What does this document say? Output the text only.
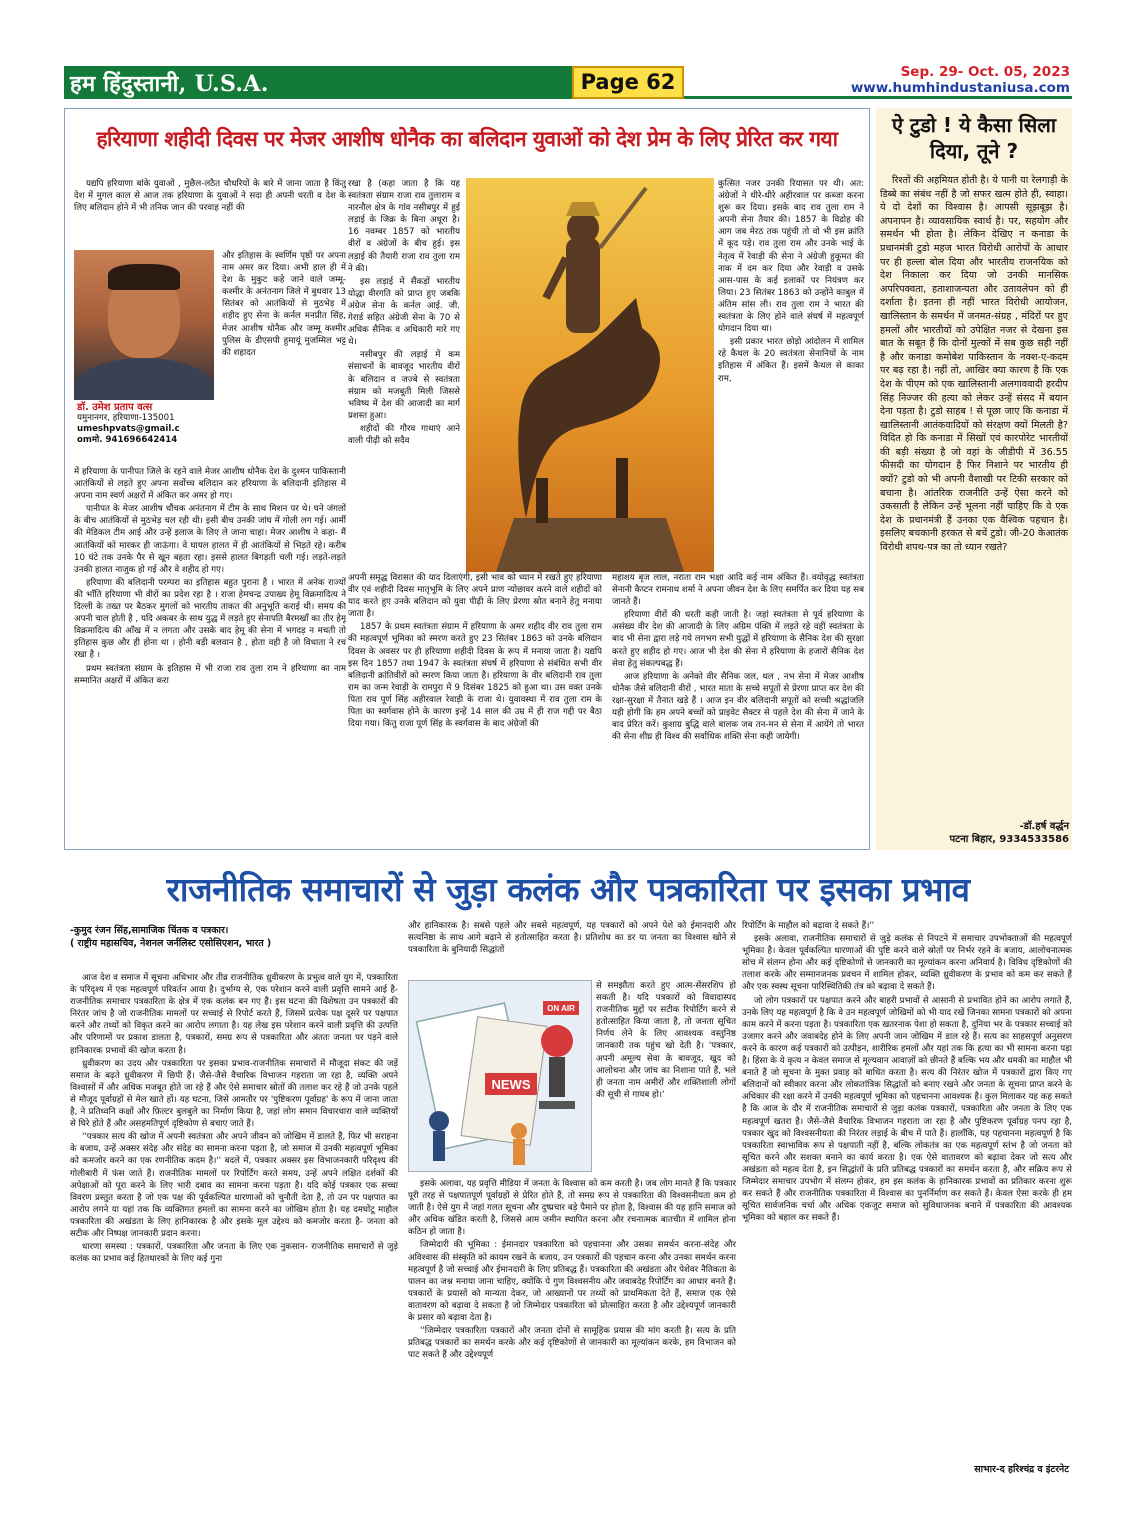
हम हिंदुस्तानी, U.S.A.	Page 62	Sep. 29- Oct. 05, 2023
www.humhindustaniusa.com
हरियाणा शहीदी दिवस पर मेजर आशीष धोनैक का बलिदान युवाओं को देश प्रेम के लिए प्रेरित कर गया

यद्यपि हरियाणा बांके युवाओं , मुछैल-लठैत चौधरियों के बारे में जाना जाता है किंतु देश में मुगल काल से आज तक हरियाणा के युवाओं ने सदा ही अपनी धरती व देश के लिए बलिदान होने में भी तनिक जान की परवाह नहीं की

डॉ. उमेश प्रताप वत्स
यमुनानगर, हरियाणा-135001
umeshpvats@gmail.c
omमो. 941696642414

और इतिहास के स्वर्णिम पृष्ठों पर अपना नाम अमर कर दिया। अभी हाल ही में देश के मुकुट कहे जाने वाले जम्मू-कश्मीर के अनंतनाग जिले में बुधवार 13 सितंबर को आतंकियों से मुठभेड़ में शहीद हुए सेना के कर्नल मनप्रीत सिंह, मेजर आशीष धोनैक और जम्मू कश्मीर पुलिस के डीएसपी हुमायूं मुजम्मिल भट्ट की शहादत

में हरियाणा के पानीपत जिले के रहने वाले मेजर आशीष धोनैक देश के दुश्मन पाकिस्तानी आतंकियों से लड़ते हुए अपना सर्वोच्च बलिदान कर हरियाणा के बलिदानी इतिहास में अपना नाम स्वर्ण अक्षरों में अंकित कर अमर हो गए।

पानीपत के मेजर आशीष धौंचक अनंतनाग में टीम के साथ मिशन पर थे। घने जंगलों के बीच आतंकियों से मुठभेड़ चल रही थी। इसी बीच उनकी जांघ में गोली लग गई। आर्मी की मेडिकल टीम आई और उन्हें इलाज के लिए ले जाना चाहा। मेजर आशीष ने कहा- मैं आतंकियों को मारकर ही जाऊंगा। वे घायल हालत में ही आतंकियों से भिड़ते रहे। करीब 10 घंटे तक उनके पैर से खून बहता रहा। इससे हालत बिगड़ती चली गई। लड़ते-लड़ते उनकी हालत नाजुक हो गई और वे शहीद हो गए।

हरियाणा की बलिदानी परम्परा का इतिहास बहुत पुराना है । भारत में अनेक राज्यों की भाँति हरियाणा भी वीरों का प्रदेश रहा है । राजा हेमचन्द्र उपाख्य हेमू विक्रमादित्य ने दिल्ली के तख्त पर बैठकर मुगलों को भारतीय ताकत की अनुभूति कराई थी। समय की अपनी चाल होती है , यदि अकबर के साथ युद्ध में लड़ते हुए सेनापति बैरमखाँ का तीर हेमू विक्रमादित्य की आँख में न लगता और उसके बाद हेमू की सेना में भगदड़ न मचती तो इतिहास कुछ और ही होना था । होनी बड़ी बलवान है , होता वही है जो विधाता ने रच रखा है ।

प्रथम स्वतंत्रता संग्राम के इतिहास में भी राजा राव तुला राम ने हरियाणा का नाम सम्मानित अक्षरों में अंकित करा

रखा है (कहा जाता है कि यह स्वतंत्रता संग्राम राजा राव तुलाराम व नारनौल क्षेत्र के गांव नसीबपुर में हुई लड़ाई के जिक्र के बिना अधूरा है। 16 नवम्बर 1857 को भारतीय वीरों व अंग्रेजों के बीच हुई। इस लड़ाई की तैयारी राजा राव तुला राम ने की।

इस लड़ाई में सैंकड़ों भारतीय योद्धा वीरगति को प्राप्त हुए जबकि अंग्रेज सेना के कर्नल आई. जी. गेरार्ड सहित अंग्रेजी सेना के 70 से अधिक सैनिक व अधिकारी मारे गए थे।

नसीबपुर की लड़ाई में कम संसाधनों के बावजूद भारतीय वीरों के बलिदान व जज्बे से स्वतंत्रता संग्राम को मजबूती मिली जिससे भविष्य में देश की आजादी का मार्ग प्रशस्त हुआ।

शहीदों की गौरव गाथाएं आने वाली पीढ़ी को सदैव

कुत्सित नजर उनकी रियासत पर थी। अत: अंग्रेजों ने धीरे-धीरे अहीरवाल पर कब्जा करना शुरू कर दिया। इसके बाद राव तुला राम ने अपनी सेना तैयार की। 1857 के विद्रोह की आग जब मेरठ तक पहुंची तो वो भी इस क्रांति में कूद पड़े। राव तुला राम और उनके भाई के नेतृत्व में रेवाड़ी की सेना ने अंग्रेजी हुकूमत की नाक में दम कर दिया और रेवाड़ी व उसके आस-पास के कई इलाकों पर नियंत्रण कर लिया। 23 सितंबर 1863 को उन्होंने काबुल में अंतिम सांस ली। राव तुला राम ने भारत की स्वतंत्रता के लिए होने वाले संघर्ष में महत्वपूर्ण योगदान दिया था।

इसी प्रकार भारत छोड़ो आंदोलन में शामिल रहे कैथल के 20 स्वतंत्रता सेनानियों के नाम इतिहास में अंकित हैं। इसमें कैथल से काका राम,

अपनी समृद्ध विरासत की याद दिलाएंगी, इसी भाव को ध्यान में रखते हुए हरियाणा वीर एवं शहीदी दिवस मातृभूमि के लिए अपने प्राण न्योछावर करने वाले शहीदों को याद करते हुए उनके बलिदान को युवा पीढ़ी के लिए प्रेरणा स्रोत बनाने हेतु मनाया जाता है।

1857 के प्रथम स्वतंत्रता संग्राम में हरियाणा के अमर शहीद वीर राव तुला राम की महत्वपूर्ण भूमिका को स्मरण करते हुए 23 सितंबर 1863 को उनके बलिदान दिवस के अवसर पर ही हरियाणा शहीदी दिवस के रूप में मनाया जाता है। यद्यपि इस दिन 1857 तथा 1947 के स्वतंत्रता संघर्ष में हरियाणा से संबंधित सभी वीर बलिदानी क्रांतिवीरों को स्मरण किया जाता है। हरियाणा के वीर बलिदानी राव तुला राम का जन्म रेवाड़ी के रामपुरा में 9 दिसंबर 1825 को हुआ था। उस वक्त उनके पिता राव पूर्ण सिंह अहीरवाल रेवाड़ी के राजा थे। युवावस्था में राव तुला राम के पिता का स्वर्गवास होने के कारण इन्हें 14 साल की उम्र में ही राज गद्दी पर बैठा दिया गया। किंतु राजा पूर्ण सिंह के स्वर्गवास के बाद अंग्रेजों की

महाशय बृज लाल, नराता राम भक्षा आदि कई नाम अंकित हैं। वयोवृद्ध स्वतंत्रता सेनानी कैप्टन रामनाथ शर्मा ने अपना जीवन देश के लिए समर्पित कर दिया यह सब जानते हैं।

हरियाणा वीरों की धरती कही जाती है। जहां स्वतंत्रता से पूर्व हरियाणा के असंख्य वीर देश की आजादी के लिए अग्रिम पंक्ति में लड़ते रहे वहीं स्वतंत्रता के बाद भी सेना द्वारा लड़े गये लगभग सभी युद्धों में हरियाणा के सैनिक देश की सुरक्षा करते हुए शहीद हो गए। आज भी देश की सेना में हरियाणा के हजारों सैनिक देश सेवा हेतु संकल्पबद्ध हैं।

आज हरियाणा के अनेको वीर सैनिक जल, थल , नभ सेना में मेजर आशीष धोनैक जैसे बलिदानी वीरों , भारत माता के सच्चे सपूतों से प्रेरणा प्राप्त कर देश की रक्षा-सुरक्षा में तैनात खड़े हैं । आज इन वीर बलिदानी सपूतों को सच्ची श्रद्धांजलि यही होगी कि हम अपने बच्चों को प्राइवेट सैक्टर से पहले देश की सेना में जाने के बाद प्रेरित करें। कुशाग्र बुद्धि वाले बालक जब तन-मन से सेना में आयेंगे तो भारत की सेना शीघ्र ही विश्व की सर्वाधिक शक्ति सेना कही जायेगी।

ऐ टुडो ! ये कैसा सिला दिया, तूने ?

रिश्तों की अहमियत होती है। ये पानी या रेलगाड़ी के डिब्बे का संबंध नहीं है जो सफर खत्म होते ही, स्वाहा। ये दो देशों का विश्वास है। आपसी सूझबूझ है। अपनापन है। व्यावसायिक स्वार्थ है। पर, सहयोग और समर्थन भी होता है। लेकिन देखिए न कनाडा के प्रधानमंत्री टुडो महज भारत विरोधी आरोपों के आधार पर ही हल्ला बोल दिया और भारतीय राजनयिक को देश निकाला कर दिया जो उनकी मानसिक अपरिपक्वता, हताशाजन्यता और उतावलेपन को ही दर्शाता है। इतना ही नहीं भारत विरोधी आयोजन, खालिस्तान के समर्थन में जनमत-संग्रह , मंदिरों पर हुए हमलों और भारतीयों को उपेक्षित नजर से देखना इस बात के सबूत हैं कि दोनों मुल्कों में सब कुछ सही नहीं है और कनाडा कमोबेश पाकिस्तान के नक्श-ए-कदम पर बढ़ रहा है। नहीं तो, आखिर क्या कारण है कि एक देश के पीएम को एक खालिस्तानी अलगाववादी हरदीप सिंह निज्जर की हत्या को लेकर उन्हें संसद में बयान देना पड़ता है। टुडो साहब ! से पूछा जाए कि कनाडा में खालिस्तानी आतंकवादियों को संरक्षण क्यों मिलती है? विदित हो कि कनाडा में सिखों एवं कारपोरेट भारतीयों की बड़ी संख्या है जो वहां के जीडीपी में 36.55 फीसदी का योगदान है फिर निशाने पर भारतीय ही क्यों? टुडो को भी अपनी वैशाखी पर टिकी सरकार को बचाना है। आंतरिक राजनीति उन्हें ऐसा करने को उकसाती है लेकिन उन्हें भूलना नहीं चाहिए कि वे एक देश के प्रधानमंत्री हैं उनका एक वैश्विक पहचान है। इसलिए बचकानी हरकत से बचें टुडो। जी-20 केआतंक विरोधी शपथ-पत्र का तो ध्यान रखते?

-डॉ.हर्ष वर्द्धन
पटना बिहार, 9334533586
राजनीतिक समाचारों से जुड़ा कलंक और पत्रकारिता पर इसका प्रभाव
-कुमुद रंजन सिंह,सामाजिक चिंतक व पत्रकार।
( राष्ट्रीय महासचिव, नेशनल जर्नलिस्ट एसोसिएशन, भारत )

आज देश व समाज में सूचना अधिभार और तीव्र राजनीतिक ध्रुवीकरण के प्रभुत्व वाले युग में, पत्रकारिता के परिदृश्य में एक महत्वपूर्ण परिवर्तन आया है। दुर्भाग्य से, एक परेशान करने वाली प्रवृत्ति सामने आई है- राजनीतिक समाचार पत्रकारिता के क्षेत्र में एक कलंक बन गए हैं। इस घटना की विशेषता उन पत्रकारों की निरंतर जांच है जो राजनीतिक मामलों पर सच्चाई से रिपोर्ट करते हैं, जिसमें प्रत्येक पक्ष दूसरे पर पक्षपात करने और तथ्यों को विकृत करने का आरोप लगाता है। यह लेख इस परेशान करने वाली प्रवृत्ति की उत्पत्ति और परिणामों पर प्रकाश डालता है, पत्रकारों, समग्र रूप से पत्रकारिता और अंततः जनता पर पड़ने वाले हानिकारक प्रभावों की खोज करता है।

ध्रुवीकरण का उदय और पत्रकारिता पर इसका प्रभाव-राजनीतिक समाचारों में मौजूदा संकट की जड़ें समाज के बढ़ते ध्रुवीकरण में छिपी हैं। जैसे-जैसे वैचारिक विभाजन गहराता जा रहा है, व्यक्ति अपने विश्वासों में और अधिक मजबूत होते जा रहे हैं और ऐसे समाचार स्रोतों की तलाश कर रहे हैं जो उनके पहले से मौजूद पूर्वाग्रहों से मेल खाते हों। यह घटना, जिसे आमतौर पर 'पुष्टिकरण पूर्वाग्रह' के रूप में जाना जाता है, ने प्रतिध्वनि कक्षों और फ़िल्टर बुलबुले का निर्माण किया है, जहां लोग समान विचारधारा वाले व्यक्तियों से घिरे होते हैं और असहमतिपूर्ण दृष्टिकोण से बचाए जाते हैं।

''पत्रकार सत्य की खोज में अपनी स्वतंत्रता और अपने जीवन को जोखिम में डालते हैं, फिर भी सराहना के बजाय, उन्हें अक्सर संदेह और संदेह का सामना करना पड़ता है, जो समाज में उनकी महत्वपूर्ण भूमिका को कमजोर करने का एक रणनीतिक कदम है।'' बदले में, पत्रकार अक्सर इस विभाजनकारी परिदृश्य की गोलीबारी में फंस जाते हैं। राजनीतिक मामलों पर रिपोर्टिंग करते समय, उन्हें अपने लक्षित दर्शकों की अपेक्षाओं को पूरा करने के लिए भारी दबाव का सामना करना पड़ता है। यदि कोई पत्रकार एक सच्चा विवरण प्रस्तुत करता है जो एक पक्ष की पूर्वकल्पित धारणाओं को चुनौती देता है, तो उन पर पक्षपात का आरोप लगने या यहां तक कि व्यक्तिगत हमलों का सामना करने का जोखिम होता है। यह दमघोंटू माहौल पत्रकारिता की अखंडता के लिए हानिकारक है और इसके मूल उद्देश्य को कमजोर करता है- जनता को सटीक और निष्पक्ष जानकारी प्रदान करना।

धारणा समस्या : पत्रकारों, पत्रकारिता और जनता के लिए एक नुकसान- राजनीतिक समाचारों से जुड़े कलंक का प्रभाव कई हितधारकों के लिए कई गुना

और हानिकारक है। सबसे पहले और सबसे महत्वपूर्ण, यह पत्रकारों को अपने पेशे को ईमानदारी और सत्यनिष्ठा के साथ आगे बढ़ाने से हतोत्साहित करता है। प्रतिशोध का डर या जनता का विश्वास खोने से पत्रकारिता के बुनियादी सिद्धांतों

NEWS
ON AIR

से समझौता करते हुए आत्म-सेंसरशिप हो सकती है। यदि पत्रकारों को विवादास्पद राजनीतिक मुद्दों पर सटीक रिपोर्टिंग करने से हतोत्साहित किया जाता है, तो जनता सूचित निर्णय लेने के लिए आवश्यक वस्तुनिष्ठ जानकारी तक पहुंच खो देती है। 'पत्रकार, अपनी अमूल्य सेवा के बावजूद, खुद को आलोचना और जांच का निशाना पाते हैं, भले ही जनता नाम अमीरों और शक्तिशाली लोगों की सूची से गायब हो।'

इसके अलावा, यह प्रवृत्ति मीडिया में जनता के विश्वास को कम करती है। जब लोग मानते हैं कि पत्रकार पूरी तरह से पक्षपातपूर्ण पूर्वाग्रहों से प्रेरित होते हैं, तो समग्र रूप से पत्रकारिता की विश्वसनीयता कम हो जाती है। ऐसे युग में जहां गलत सूचना और दुष्प्रचार बड़े पैमाने पर होता है, विश्वास की यह हानि समाज को और अधिक खंडित करती है, जिससे आम जमीन स्थापित करना और रचनात्मक बातचीत में शामिल होना कठिन हो जाता है।

जिम्मेदारी की भूमिका : ईमानदार पत्रकारिता को पहचानना और उसका समर्थन करना-संदेह और अविश्वास की संस्कृति को कायम रखने के बजाय, उन पत्रकारों की पहचान करना और उनका समर्थन करना महत्वपूर्ण है जो सच्चाई और ईमानदारी के लिए प्रतिबद्ध हैं। पत्रकारिता की अखंडता और पेशेवर नैतिकता के पालन का जश्न मनाया जाना चाहिए, क्योंकि ये गुण विश्वसनीय और जवाबदेह रिपोर्टिंग का आधार बनते हैं। पत्रकारों के प्रयासों को मान्यता देकर, जो आख्यानों पर तथ्यों को प्राथमिकता देते हैं, समाज एक ऐसे वातावरण को बढ़ावा दे सकता है जो जिम्मेदार पत्रकारिता को प्रोत्साहित करता है और उद्देश्यपूर्ण जानकारी के प्रसार को बढ़ावा देता है।

''जिम्मेदार पत्रकारिता पत्रकारों और जनता दोनों से सामूहिक प्रयास की मांग करती है। सत्य के प्रति प्रतिबद्ध पत्रकारों का समर्थन करके और कई दृष्टिकोणों से जानकारी का मूल्यांकन करके, हम विभाजन को पाट सकते हैं और उद्देश्यपूर्ण

रिपोर्टिंग के माहौल को बढ़ावा दे सकते हैं।''

इसके अलावा, राजनीतिक समाचारों से जुड़े कलंक से निपटने में समाचार उपभोक्ताओं की महत्वपूर्ण भूमिका है। केवल पूर्वकल्पित धारणाओं की पुष्टि करने वाले स्रोतों पर निर्भर रहने के बजाय, आलोचनात्मक सोच में संलग्न होना और कई दृष्टिकोणों से जानकारी का मूल्यांकन करना अनिवार्य है। विविध दृष्टिकोणों की तलाश करके और सम्मानजनक प्रवचन में शामिल होकर, व्यक्ति ध्रुवीकरण के प्रभाव को कम कर सकते हैं और एक स्वस्थ सूचना पारिस्थितिकी तंत्र को बढ़ावा दे सकते हैं।

जो लोग पत्रकारों पर पक्षपात करने और बाहरी प्रभावों से आसानी से प्रभावित होने का आरोप लगाते हैं, उनके लिए यह महत्वपूर्ण है कि वे उन महत्वपूर्ण जोखिमों को भी याद रखें जिनका सामना पत्रकारों को अपना काम करने में करना पड़ता है। पत्रकारिता एक खतरनाक पेशा हो सकता है, दुनिया भर के पत्रकार सच्चाई को उजागर करने और जवाबदेह होने के लिए अपनी जान जोखिम में डाल रहे हैं। सत्य का साहसपूर्ण अनुसरण करने के कारण कई पत्रकारों को उत्पीड़न, शारीरिक हमलों और यहां तक कि हत्या का भी सामना करना पड़ा है। हिंसा के ये कृत्य न केवल समाज से मूल्यवान आवाज़ों को छीनते हैं बल्कि भय और धमकी का माहौल भी बनाते हैं जो सूचना के मुक्त प्रवाह को बाधित करता है। सत्य की निरंतर खोज में पत्रकारों द्वारा किए गए बलिदानों को स्वीकार करना और लोकतांत्रिक सिद्धांतों को बनाए रखने और जनता के सूचना प्राप्त करने के अधिकार की रक्षा करने में उनकी महत्वपूर्ण भूमिका को पहचानना आवश्यक है। कुल मिलाकर यह कह सकते है कि आज के दौर में राजनीतिक समाचारों से जुड़ा कलंक पत्रकारों, पत्रकारिता और जनता के लिए एक महत्वपूर्ण खतरा है। जैसे-जैसे वैचारिक विभाजन गहराता जा रहा है और पुष्टिकरण पूर्वाग्रह पनप रहा है, पत्रकार खुद को विश्वसनीयता की निरंतर लड़ाई के बीच में पाते हैं। हालाँकि, यह पहचानना महत्वपूर्ण है कि पत्रकारिता स्वाभाविक रूप से पक्षपाती नहीं है, बल्कि लोकतंत्र का एक महत्वपूर्ण स्तंभ है जो जनता को सूचित करने और सशक्त बनाने का कार्य करता है। एक ऐसे वातावरण को बढ़ावा देकर जो सत्य और अखंडता को महत्व देता है, इन सिद्धांतों के प्रति प्रतिबद्ध पत्रकारों का समर्थन करता है, और सक्रिय रूप से जिम्मेदार समाचार उपभोग में संलग्न होकर, हम इस कलंक के हानिकारक प्रभावों का प्रतिकार करना शुरू कर सकते हैं और राजनीतिक पत्रकारिता में विश्वास का पुनर्निर्माण कर सकते हैं। केवल ऐसा करके ही हम सूचित सार्वजनिक चर्चा और अधिक एकजुट समाज को सुविधाजनक बनाने में पत्रकारिता की आवश्यक भूमिका को बहाल कर सकते हैं।

साभार-द हरिश्चंद्र व इंटरनेट
